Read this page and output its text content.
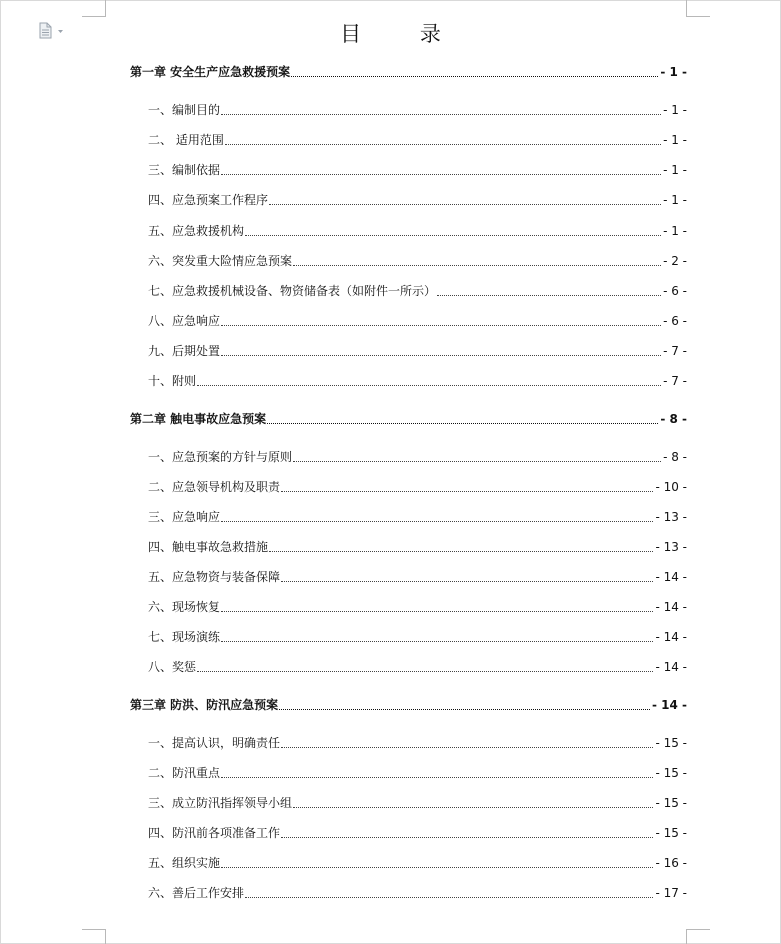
目 录
第一章 安全生产应急救援预案	- 1 -
一、编制目的	- 1 -
二、 适用范围	- 1 -
三、编制依据	- 1 -
四、应急预案工作程序	- 1 -
五、应急救援机构	- 1 -
六、突发重大险情应急预案	- 2 -
七、应急救援机械设备、物资储备表（如附件一所示）	- 6 -
八、应急响应	- 6 -
九、后期处置	- 7 -
十、附则	- 7 -
第二章 触电事故应急预案	- 8 -
一、应急预案的方针与原则	- 8 -
二、应急领导机构及职责	- 10 -
三、应急响应	- 13 -
四、触电事故急救措施	- 13 -
五、应急物资与装备保障	- 14 -
六、现场恢复	- 14 -
七、现场演练	- 14 -
八、奖惩	- 14 -
第三章 防洪、防汛应急预案	- 14 -
一、提高认识，明确责任	- 15 -
二、防汛重点	- 15 -
三、成立防汛指挥领导小组	- 15 -
四、防汛前各项准备工作	- 15 -
五、组织实施	- 16 -
六、善后工作安排	- 17 -
